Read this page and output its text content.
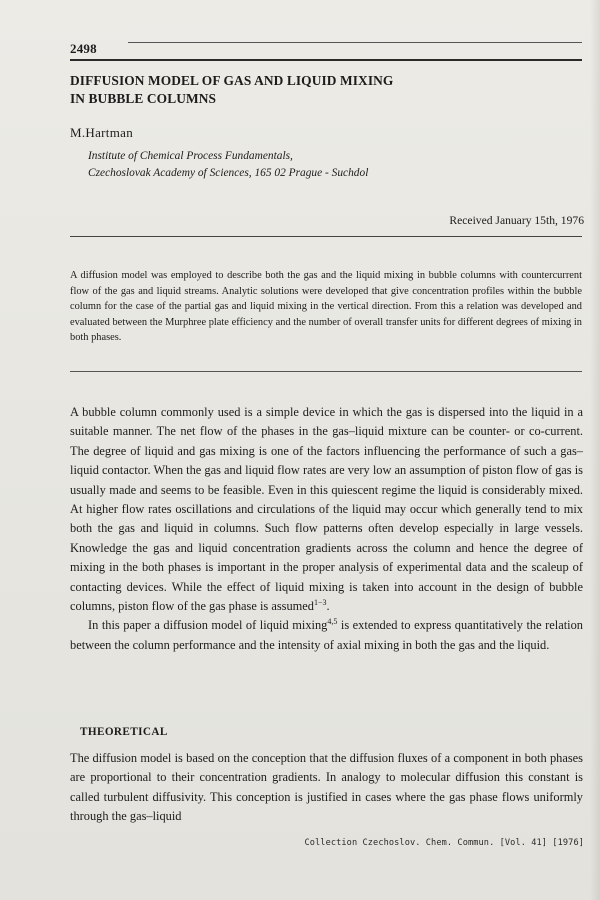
2498
DIFFUSION MODEL OF GAS AND LIQUID MIXING
IN BUBBLE COLUMNS
M.Hartman
Institute of Chemical Process Fundamentals,
Czechoslovak Academy of Sciences, 165 02 Prague - Suchdol
Received January 15th, 1976
A diffusion model was employed to describe both the gas and the liquid mixing in bubble columns with countercurrent flow of the gas and liquid streams. Analytic solutions were developed that give concentration profiles within the bubble column for the case of the partial gas and liquid mixing in the vertical direction. From this a relation was developed and evaluated between the Murphree plate efficiency and the number of overall transfer units for different degrees of mixing in both phases.

A bubble column commonly used is a simple device in which the gas is dispersed into the liquid in a suitable manner. The net flow of the phases in the gas–liquid mixture can be counter- or co-current. The degree of liquid and gas mixing is one of the factors influencing the performance of such a gas–liquid contactor. When the gas and liquid flow rates are very low an assumption of piston flow of gas is usually made and seems to be feasible. Even in this quiescent regime the liquid is considerably mixed. At higher flow rates oscillations and circulations of the liquid may occur which generally tend to mix both the gas and liquid in columns. Such flow patterns often develop especially in large vessels. Knowledge the gas and liquid concentration gradients across the column and hence the degree of mixing in the both phases is important in the proper analysis of experimental data and the scaleup of contacting devices. While the effect of liquid mixing is taken into account in the design of bubble columns, piston flow of the gas phase is assumed$^{1-3}$.

In this paper a diffusion model of liquid mixing$^{4,5}$ is extended to express quantitatively the relation between the column performance and the intensity of axial mixing in both the gas and the liquid.

THEORETICAL
The diffusion model is based on the conception that the diffusion fluxes of a component in both phases are proportional to their concentration gradients. In analogy to molecular diffusion this constant is called turbulent diffusivity. This conception is justified in cases where the gas phase flows uniformly through the gas–liquid
Collection Czechoslov. Chem. Commun. [Vol. 41] [1976]
